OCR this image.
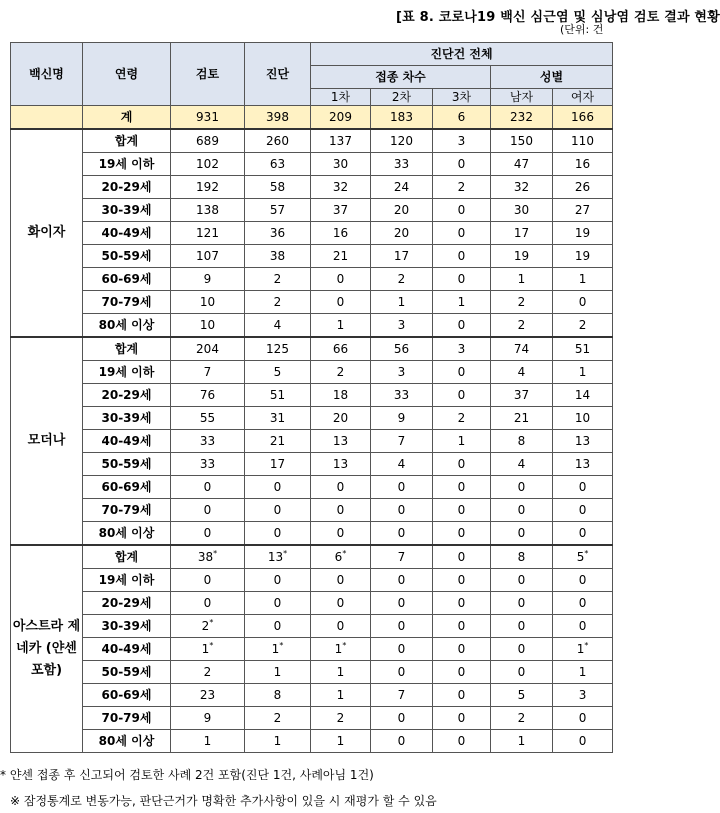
[표 8. 코로나19 백신 심근염 및 심낭염 검토 결과 현황
(단위: 건
백신명	연령	검토	진단	진단건 전체				
				접종 차수			성별	
				1차	2차	3차	남자	여자
	계	931	398	209	183	6	232	166
화이자	합계	689	260	137	120	3	150	110
	19세 이하	102	63	30	33	0	47	16
	20-29세	192	58	32	24	2	32	26
	30-39세	138	57	37	20	0	30	27
	40-49세	121	36	16	20	0	17	19
	50-59세	107	38	21	17	0	19	19
	60-69세	9	2	0	2	0	1	1
	70-79세	10	2	0	1	1	2	0
	80세 이상	10	4	1	3	0	2	2
모더나	합계	204	125	66	56	3	74	51
	19세 이하	7	5	2	3	0	4	1
	20-29세	76	51	18	33	0	37	14
	30-39세	55	31	20	9	2	21	10
	40-49세	33	21	13	7	1	8	13
	50-59세	33	17	13	4	0	4	13
	60-69세	0	0	0	0	0	0	0
	70-79세	0	0	0	0	0	0	0
	80세 이상	0	0	0	0	0	0	0
아스트라 제네카 (얀센 포함)	합계	38*	13*	6*	7	0	8	5*
	19세 이하	0	0	0	0	0	0	0
	20-29세	0	0	0	0	0	0	0
	30-39세	2*	0	0	0	0	0	0
	40-49세	1*	1*	1*	0	0	0	1*
	50-59세	2	1	1	0	0	0	1
	60-69세	23	8	1	7	0	5	3
	70-79세	9	2	2	0	0	2	0
	80세 이상	1	1	1	0	0	1	0
* 얀센 접종 후 신고되어 검토한 사례 2건 포함(진단 1건, 사례아님 1건)
※ 잠정통계로 변동가능, 판단근거가 명확한 추가사항이 있을 시 재평가 할 수 있음
